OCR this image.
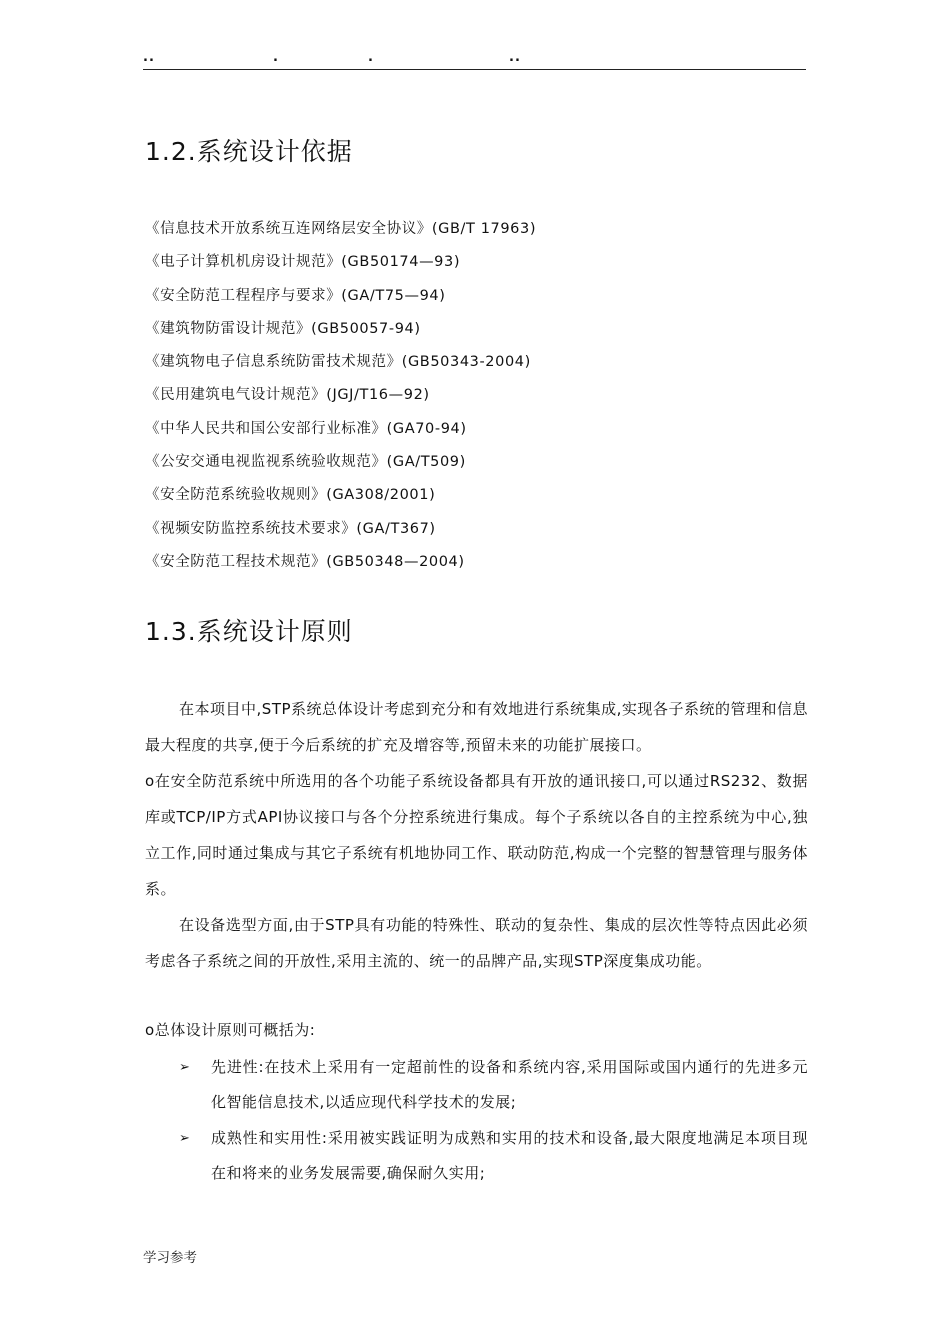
..	.	.	..
1.2.系统设计依据
《信息技术开放系统互连网络层安全协议》(GB/T 17963)
《电子计算机机房设计规范》(GB50174—93)
《安全防范工程程序与要求》(GA/T75—94)
《建筑物防雷设计规范》(GB50057-94)
《建筑物电子信息系统防雷技术规范》(GB50343-2004)
《民用建筑电气设计规范》(JGJ/T16—92)
《中华人民共和国公安部行业标准》(GA70-94)
《公安交通电视监视系统验收规范》(GA/T509)
《安全防范系统验收规则》(GA308/2001)
《视频安防监控系统技术要求》(GA/T367)
《安全防范工程技术规范》(GB50348—2004)
1.3.系统设计原则

在本项目中,STP系统总体设计考虑到充分和有效地进行系统集成,实现各子系统的管理和信息最大程度的共享,便于今后系统的扩充及增容等,预留未来的功能扩展接口。

o在安全防范系统中所选用的各个功能子系统设备都具有开放的通讯接口,可以通过RS232、数据库或TCP/IP方式API协议接口与各个分控系统进行集成。每个子系统以各自的主控系统为中心,独立工作,同时通过集成与其它子系统有机地协同工作、联动防范,构成一个完整的智慧管理与服务体系。

在设备选型方面,由于STP具有功能的特殊性、联动的复杂性、集成的层次性等特点因此必须考虑各子系统之间的开放性,采用主流的、统一的品牌产品,实现STP深度集成功能。

o总体设计原则可概括为:

➢ 先进性:在技术上采用有一定超前性的设备和系统内容,采用国际或国内通行的先进多元化智能信息技术,以适应现代科学技术的发展;
➢ 成熟性和实用性:采用被实践证明为成熟和实用的技术和设备,最大限度地满足本项目现在和将来的业务发展需要,确保耐久实用;
学习参考
